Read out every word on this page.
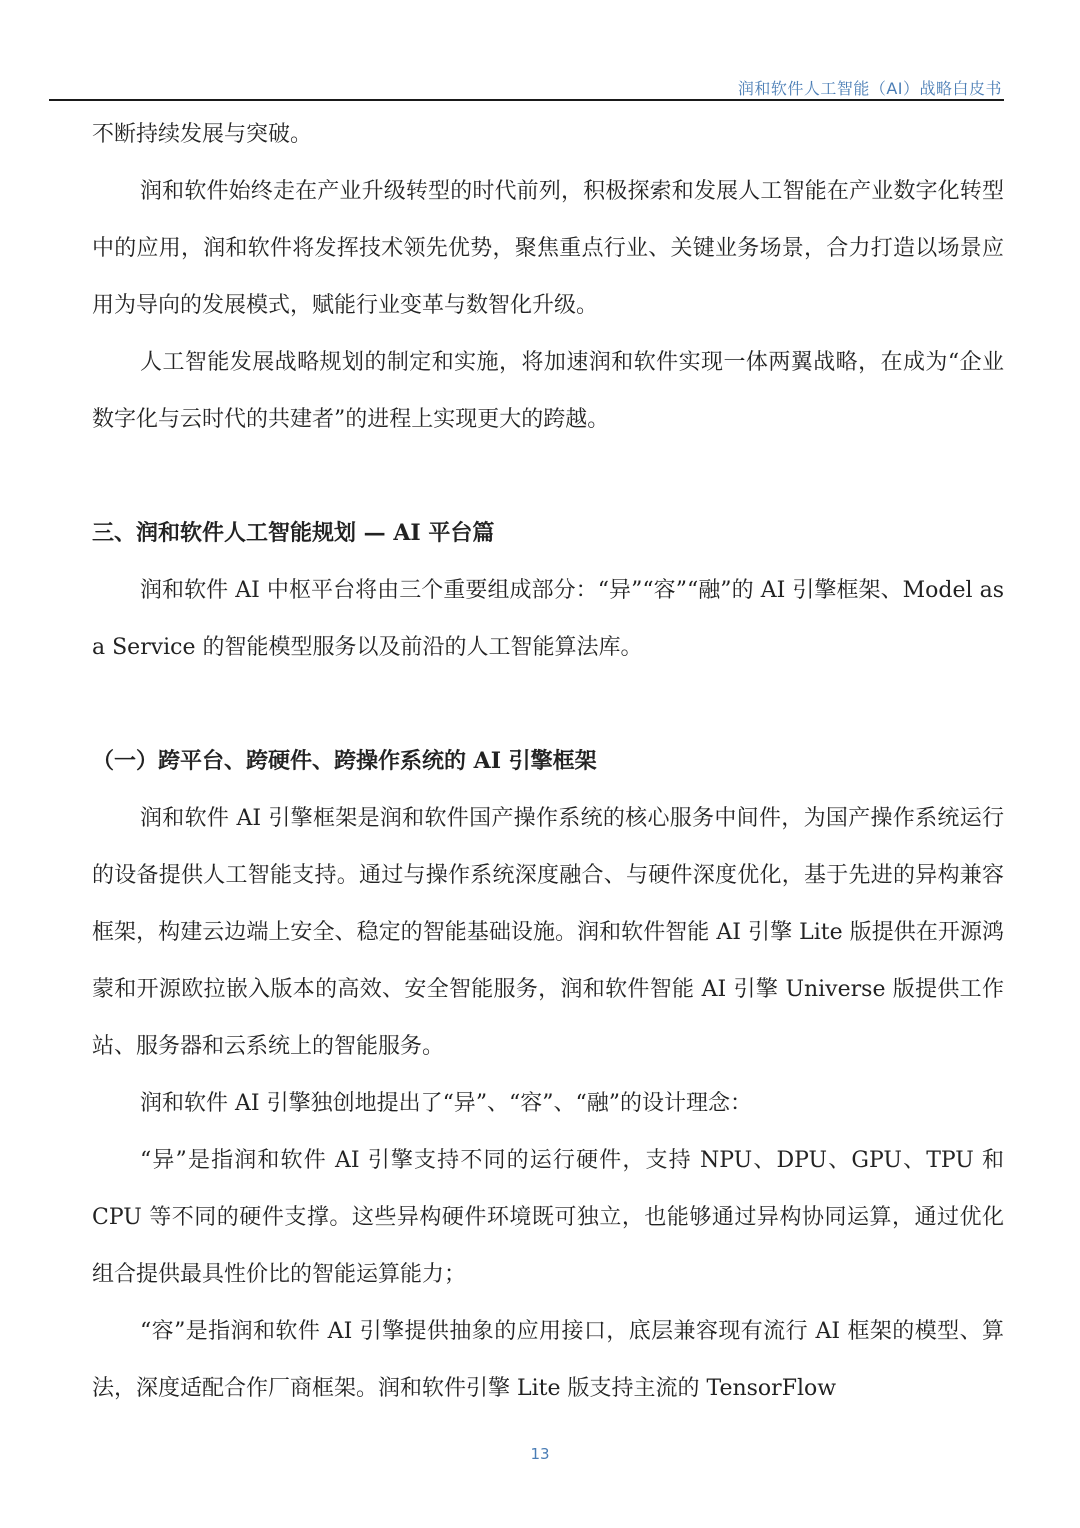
润和软件人工智能（AI）战略白皮书

不断持续发展与突破。

润和软件始终走在产业升级转型的时代前列，积极探索和发展人工智能在产业数字化转型中的应用，润和软件将发挥技术领先优势，聚焦重点行业、关键业务场景，合力打造以场景应用为导向的发展模式，赋能行业变革与数智化升级。

人工智能发展战略规划的制定和实施，将加速润和软件实现一体两翼战略，在成为“企业数字化与云时代的共建者”的进程上实现更大的跨越。

三、润和软件人工智能规划 — AI 平台篇

润和软件 AI 中枢平台将由三个重要组成部分：“异”“容”“融”的 AI 引擎框架、Model as a Service 的智能模型服务以及前沿的人工智能算法库。

（一）跨平台、跨硬件、跨操作系统的 AI 引擎框架

润和软件 AI 引擎框架是润和软件国产操作系统的核心服务中间件，为国产操作系统运行的设备提供人工智能支持。通过与操作系统深度融合、与硬件深度优化，基于先进的异构兼容框架，构建云边端上安全、稳定的智能基础设施。润和软件智能 AI 引擎 Lite 版提供在开源鸿蒙和开源欧拉嵌入版本的高效、安全智能服务，润和软件智能 AI 引擎 Universe 版提供工作站、服务器和云系统上的智能服务。

润和软件 AI 引擎独创地提出了“异”、“容”、“融”的设计理念：

“异”是指润和软件 AI 引擎支持不同的运行硬件，支持 NPU、DPU、GPU、TPU 和 CPU 等不同的硬件支撑。这些异构硬件环境既可独立，也能够通过异构协同运算，通过优化组合提供最具性价比的智能运算能力；

“容”是指润和软件 AI 引擎提供抽象的应用接口，底层兼容现有流行 AI 框架的模型、算法，深度适配合作厂商框架。润和软件引擎 Lite 版支持主流的 TensorFlow

13
